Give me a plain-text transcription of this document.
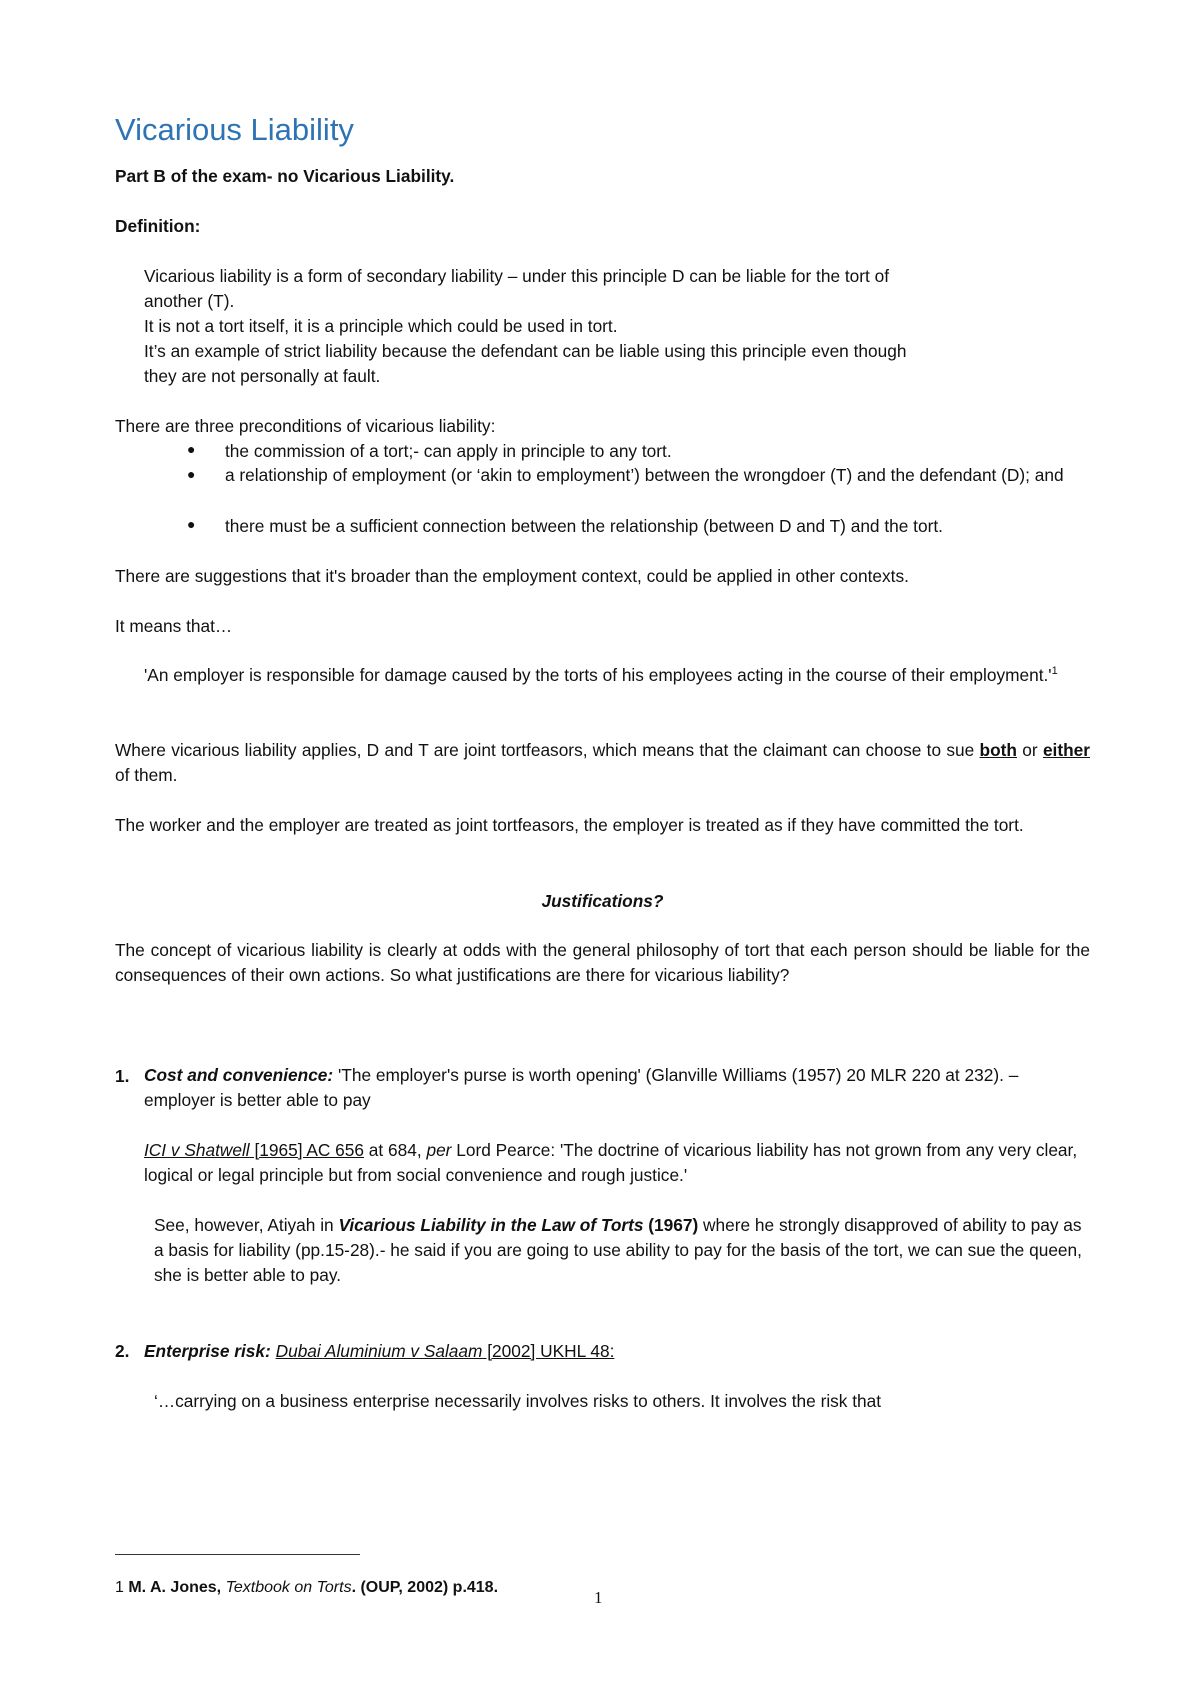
Vicarious Liability

Part B of the exam- no Vicarious Liability.

Definition:

Vicarious liability is a form of secondary liability – under this principle D can be liable for the tort of

another (T).

It is not a tort itself, it is a principle which could be used in tort.

It’s an example of strict liability because the defendant can be liable using this principle even though

they are not personally at fault.

There are three preconditions of vicarious liability:

● the commission of a tort;- can apply in principle to any tort.

● a relationship of employment (or ‘akin to employment’) between the wrongdoer (T) and the defendant (D); and

● there must be a sufficient connection between the relationship (between D and T) and the tort.

There are suggestions that it's broader than the employment context, could be applied in other contexts.

It means that…

'An employer is responsible for damage caused by the torts of his employees acting in the course of their $employment.'^1$

Where vicarious liability applies, D and T are joint tortfeasors, which means that the claimant can choose to sue both or either of them.

The worker and the employer are treated as joint tortfeasors, the employer is treated as if they have committed the tort.

Justifications?

The concept of vicarious liability is clearly at odds with the general philosophy of tort that each person should be liable for the consequences of their own actions. So what justifications are there for vicarious liability?

1. Cost and convenience: 'The employer's purse is worth opening' (Glanville Williams (1957) 20 MLR 220 at 232). – employer is better able to pay

ICI v Shatwell [1965] AC 656 at 684, per Lord Pearce: 'The doctrine of vicarious liability has not grown from any very clear, logical or legal principle but from social convenience and rough justice.'

See, however, Atiyah in Vicarious Liability in the Law of Torts (1967) where he strongly disapproved of ability to pay as a basis for liability (pp.15-28).- he said if you are going to use ability to pay for the basis of the tort, we can sue the queen, she is better able to pay.

2. Enterprise risk: Dubai Aluminium v Salaam [2002] UKHL 48:

‘…carrying on a business enterprise necessarily involves risks to others. It involves the risk that

1 M. A. Jones, Textbook on Torts. (OUP, 2002) p.418.

1
